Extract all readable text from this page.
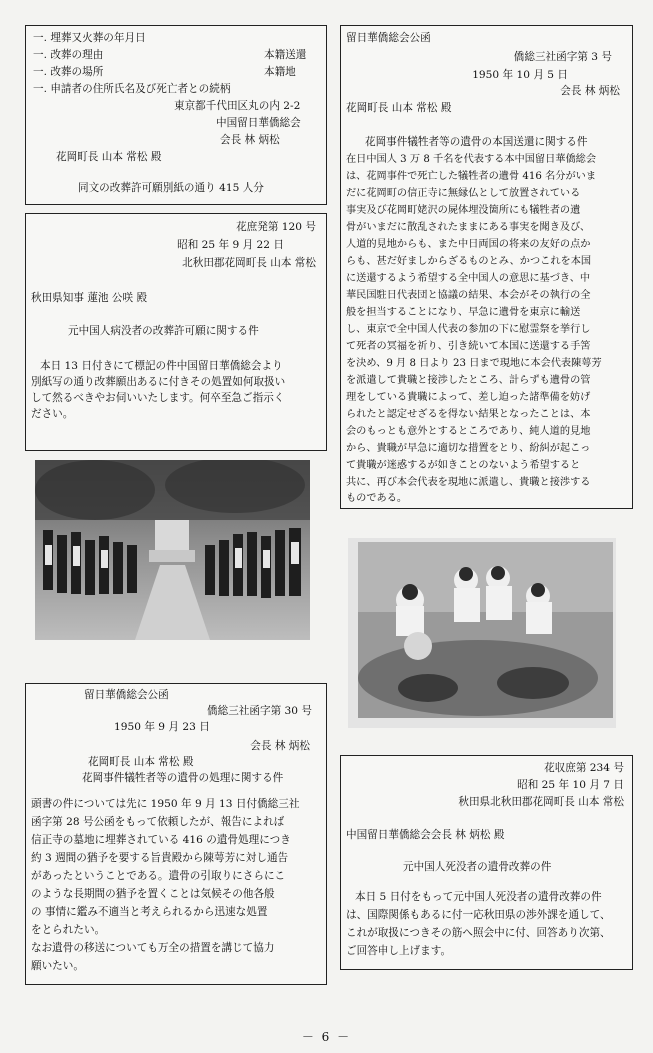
一. 埋葬又火葬の年月日
一. 改葬の理由	本籍送還
一. 改葬の場所	本籍地
一. 申請者の住所氏名及び死亡者との続柄
東京都千代田区丸の内 2-2
中国留日華僑総会
会長 林 炳松
花岡町長 山本 常松 殿
同文の改葬許可願別紙の通り 415 人分
花庶発第 120 号
昭和 25 年 9 月 22 日
北秋田郡花岡町長 山本 常松
秋田県知事 蓮池 公咲 殿
元中国人病没者の改葬許可願に関する件
本日 13 日付きにて標記の件中国留日華僑総会より
別紙写の通り改葬願出あるに付きその処置如何取扱い
して然るべきやお伺いいたします。何卒至急ご指示く
ださい。
留日華僑総会公函
僑総三社函字第 30 号
1950 年 9 月 23 日
会長 林 炳松
花岡町長 山本 常松 殿
花岡事件犠牲者等の遺骨の処理に関する件
頭書の件については先に 1950 年 9 月 13 日付僑総三社
函字第 28 号公函をもって依頼したが、報告によれば
信正寺の墓地に埋葬されている 416 の遺骨処理につき
約 3 週間の猶予を要する旨貴殿から陳萼芳に対し通告
があったということである。遺骨の引取りにさらにこ
のような長期間の猶予を置くことは気候その他各般
の 事情に鑑み不適当と考えられるから迅速な処置
をとられたい。
なお遺骨の移送についても万全の措置を講じて協力
願いたい。
留日華僑総会公函
僑総三社函字第 3 号
1950 年 10 月 5 日
会長 林 炳松
花岡町長 山本 常松 殿
花岡事件犠牲者等の遺骨の本国送還に関する件
在日中国人 3 万 8 千名を代表する本中国留日華僑総会
は、花岡事件で死亡した犠牲者の遺骨 416 名分がいま
だに花岡町の信正寺に無縁仏として放置されている
事実及び花岡町姥沢の屍体埋没箇所にも犠牲者の遺
骨がいまだに散乱されたままにある事実を聞き及び、
人道的見地からも、また中日両国の将来の友好の点か
らも、甚だ好ましからざるものとみ、かつこれを本国
に送還するよう希望する全中国人の意思に基づき、中
華民国駐日代表団と協議の結果、本会がその執行の全
般を担当することになり、早急に遺骨を東京に輸送
し、東京で全中国人代表の参加の下に慰霊祭を挙行し
て死者の冥福を祈り、引き続いて本国に送還する手筈
を決め、9 月 8 日より 23 日まで現地に本会代表陳萼芳
を派遣して貴職と接渉したところ、計らずも遺骨の管
理をしている貴職によって、差し迫った諸準備を妨げ
られたと認定せざるを得ない結果となったことは、本
会のもっとも意外とするところであり、純人道的見地
から、貴職が早急に適切な措置をとり、紛糾が起こっ
て貴職が迷惑するが如きことのないよう希望すると
共に、再び本会代表を現地に派遣し、貴職と接渉する
ものである。
花収庶第 234 号
昭和 25 年 10 月 7 日
秋田県北秋田郡花岡町長 山本 常松
中国留日華僑総会会長 林 炳松 殿
元中国人死没者の遺骨改葬の件
本日 5 日付をもって元中国人死没者の遺骨改葬の件
は、国際関係もあるに付一応秋田県の渉外課を通して、
これが取扱につきその筋へ照会中に付、回答あり次第、
ご回答申し上げます。
－ 6 －
